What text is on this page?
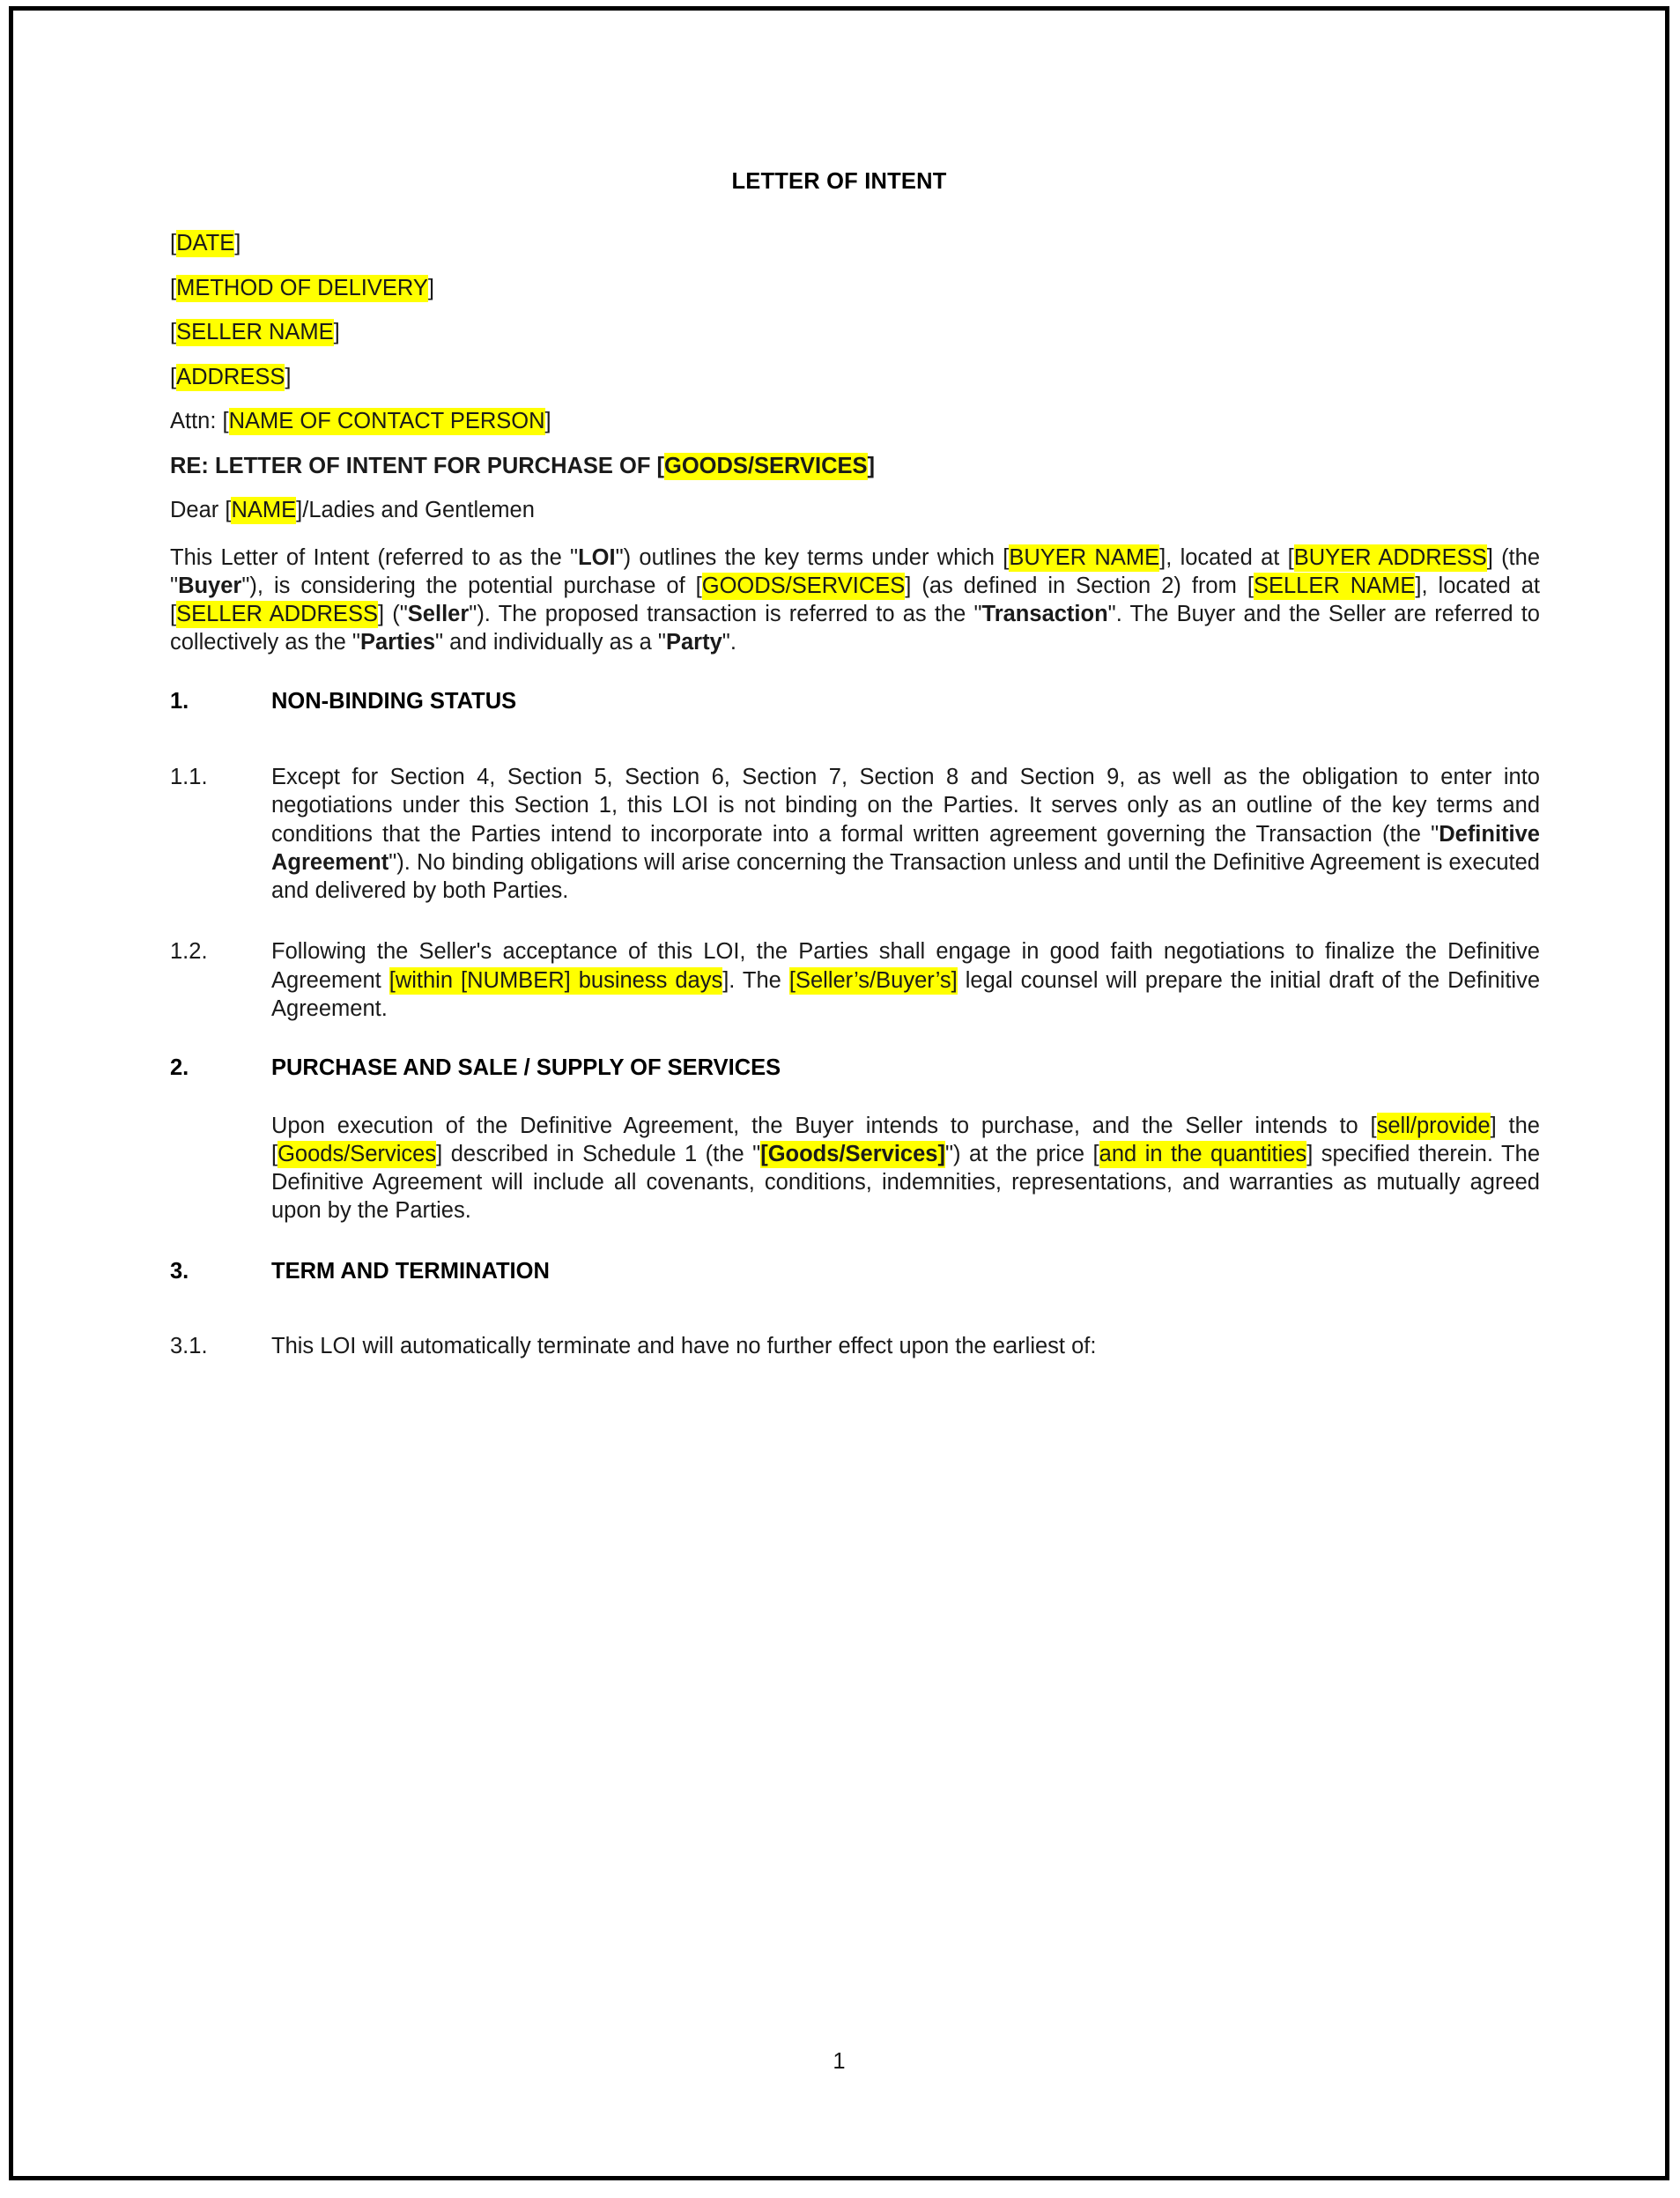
LETTER OF INTENT
[DATE]
[METHOD OF DELIVERY]
[SELLER NAME]
[ADDRESS]
Attn: [NAME OF CONTACT PERSON]
RE: LETTER OF INTENT FOR PURCHASE OF [GOODS/SERVICES]
Dear [NAME]/Ladies and Gentlemen

This Letter of Intent (referred to as the "LOI") outlines the key terms under which [BUYER NAME], located at [BUYER ADDRESS] (the "Buyer"), is considering the potential purchase of [GOODS/SERVICES] (as defined in Section 2) from [SELLER NAME], located at [SELLER ADDRESS] ("Seller"). The proposed transaction is referred to as the "Transaction". The Buyer and the Seller are referred to collectively as the "Parties" and individually as a "Party".

1.	NON-BINDING STATUS
1.1.	Except for Section 4, Section 5, Section 6, Section 7, Section 8 and Section 9, as well as the obligation to enter into negotiations under this Section 1, this LOI is not binding on the Parties. It serves only as an outline of the key terms and conditions that the Parties intend to incorporate into a formal written agreement governing the Transaction (the "Definitive Agreement"). No binding obligations will arise concerning the Transaction unless and until the Definitive Agreement is executed and delivered by both Parties.
1.2.	Following the Seller's acceptance of this LOI, the Parties shall engage in good faith negotiations to finalize the Definitive Agreement [within [NUMBER] business days]. The [Seller’s/Buyer’s] legal counsel will prepare the initial draft of the Definitive Agreement.
2.	PURCHASE AND SALE / SUPPLY OF SERVICES
Upon execution of the Definitive Agreement, the Buyer intends to purchase, and the Seller intends to [sell/provide] the [Goods/Services] described in Schedule 1 (the "[Goods/Services]") at the price [and in the quantities] specified therein. The Definitive Agreement will include all covenants, conditions, indemnities, representations, and warranties as mutually agreed upon by the Parties.
3.	TERM AND TERMINATION
3.1.	This LOI will automatically terminate and have no further effect upon the earliest of:
1
